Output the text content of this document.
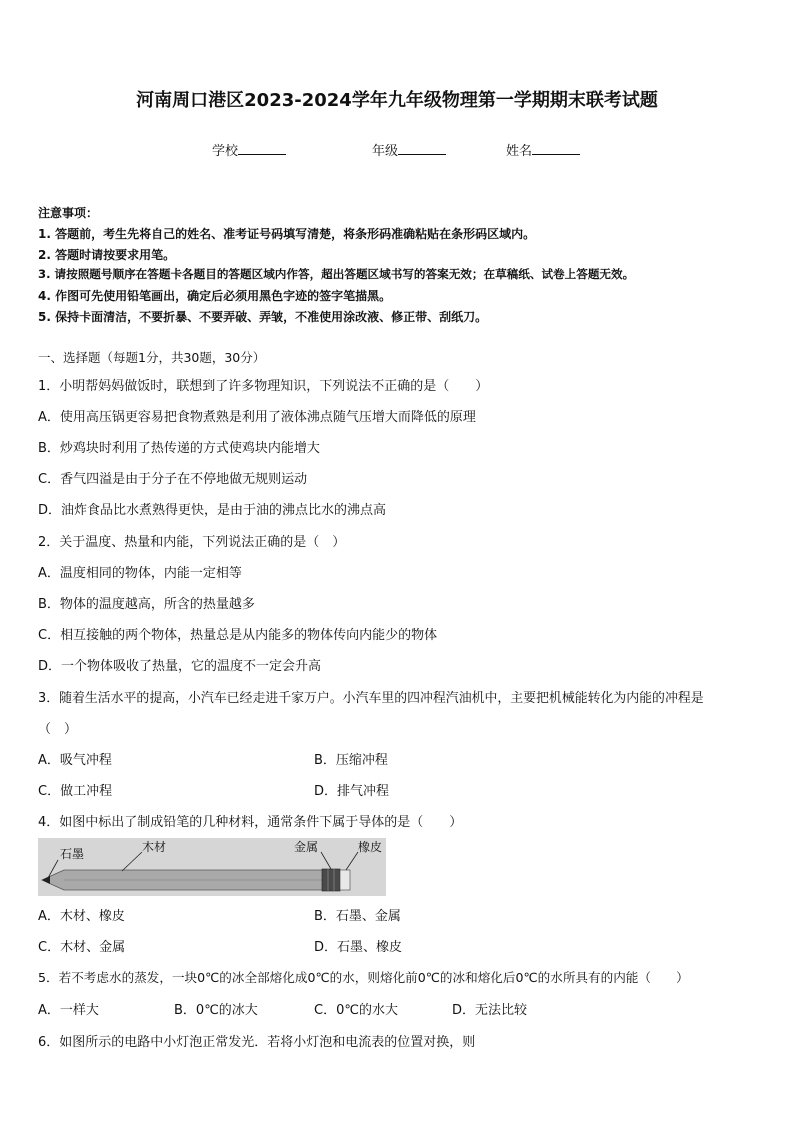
河南周口港区2023-2024学年九年级物理第一学期期末联考试题
学校	年级	姓名
注意事项：
1. 答题前，考生先将自己的姓名、准考证号码填写清楚，将条形码准确粘贴在条形码区域内。
2. 答题时请按要求用笔。
3. 请按照题号顺序在答题卡各题目的答题区域内作答，超出答题区域书写的答案无效；在草稿纸、试卷上答题无效。
4. 作图可先使用铅笔画出，确定后必须用黑色字迹的签字笔描黑。
5. 保持卡面清洁，不要折暴、不要弄破、弄皱，不准使用涂改液、修正带、刮纸刀。
一、选择题（每题1分，共30题，30分）
1．小明帮妈妈做饭时，联想到了许多物理知识，下列说法不正确的是（　　）
A．使用高压锅更容易把食物煮熟是利用了液体沸点随气压增大而降低的原理
B．炒鸡块时利用了热传递的方式使鸡块内能增大
C．香气四溢是由于分子在不停地做无规则运动
D．油炸食品比水煮熟得更快，是由于油的沸点比水的沸点高
2．关于温度、热量和内能，下列说法正确的是（　）
A．温度相同的物体，内能一定相等
B．物体的温度越高，所含的热量越多
C．相互接触的两个物体，热量总是从内能多的物体传向内能少的物体
D．一个物体吸收了热量，它的温度不一定会升高
3．随着生活水平的提高，小汽车已经走进千家万户。小汽车里的四冲程汽油机中，主要把机械能转化为内能的冲程是
（　）
A．吸气冲程	B．压缩冲程
C．做工冲程	D．排气冲程
4．如图中标出了制成铅笔的几种材料，通常条件下属于导体的是（　　）
石墨	木材	金属	橡皮
A．木材、橡皮	B．石墨、金属
C．木材、金属	D．石墨、橡皮
5．若不考虑水的蒸发，一块0℃的冰全部熔化成0℃的水，则熔化前0℃的冰和熔化后0℃的水所具有的内能（　　）
A．一样大	B．0℃的冰大	C．0℃的水大	D．无法比较
6．如图所示的电路中小灯泡正常发光．若将小灯泡和电流表的位置对换，则
